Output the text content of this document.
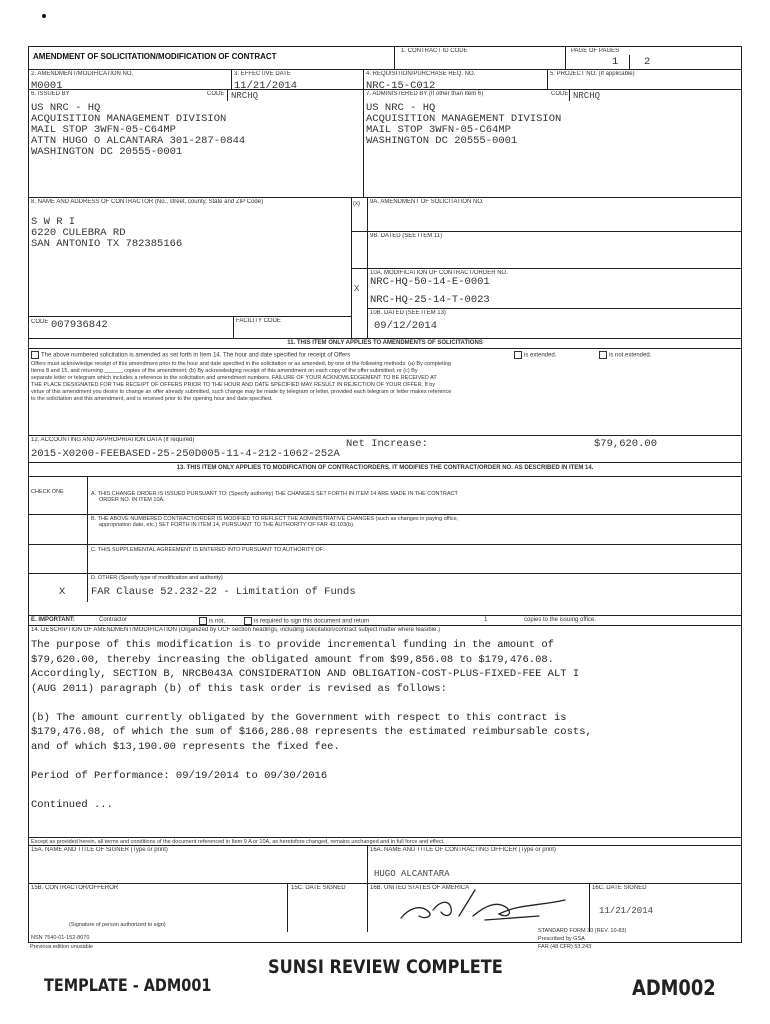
AMENDMENT OF SOLICITATION/MODIFICATION OF CONTRACT
1. CONTRACT ID CODE	PAGE OF PAGES
1 2
2. AMENDMENT/MODIFICATION NO.
M0001
3. EFFECTIVE DATE
11/21/2014
4. REQUISITION/PURCHASE REQ. NO.
NRC-15-C012
5. PROJECT NO. (If applicable)
6. ISSUED BY	CODE NRCHQ
US NRC - HQ
ACQUISITION MANAGEMENT DIVISION
MAIL STOP 3WFN-05-C64MP
ATTN HUGO O ALCANTARA 301-287-0844
WASHINGTON DC 20555-0001
7. ADMINISTERED BY (If other than Item 6)	CODE NRCHQ
US NRC - HQ
ACQUISITION MANAGEMENT DIVISION
MAIL STOP 3WFN-05-C64MP
WASHINGTON DC 20555-0001
8. NAME AND ADDRESS OF CONTRACTOR (No., street, county, State and ZIP Code)
S W R I
6220 CULEBRA RD
SAN ANTONIO TX 782385166
(x) 9A. AMENDMENT OF SOLICITATION NO.
9B. DATED (SEE ITEM 11)
X
10A. MODIFICATION OF CONTRACT/ORDER NO.
NRC-HQ-50-14-E-0001
NRC-HQ-25-14-T-0023
10B. DATED (SEE ITEM 13)
09/12/2014
CODE 007936842	FACILITY CODE
11. THIS ITEM ONLY APPLIES TO AMENDMENTS OF SOLICITATIONS
The above numbered solicitation is amended as set forth in Item 14. The hour and date specified for receipt of Offers	is extended.	is not extended.
Offers must acknowledge receipt of this amendment prior to the hour and date specified in the solicitation or as amended, by one of the following methods: (a) By completing
Items 8 and 15, and returning ______ copies of the amendment; (b) By acknowledging receipt of this amendment on each copy of the offer submitted; or (c) By
separate letter or telegram which includes a reference to the solicitation and amendment numbers. FAILURE OF YOUR ACKNOWLEDGEMENT TO BE RECEIVED AT
THE PLACE DESIGNATED FOR THE RECEIPT OF OFFERS PRIOR TO THE HOUR AND DATE SPECIFIED MAY RESULT IN REJECTION OF YOUR OFFER. If by
virtue of this amendment you desire to change an offer already submitted, such change may be made by telegram or letter, provided each telegram or letter makes reference
to the solicitation and this amendment, and is received prior to the opening hour and date specified.
12. ACCOUNTING AND APPROPRIATION DATA (If required)	Net Increase:	$79,620.00
2015-X0200-FEEBASED-25-250D005-11-4-212-1062-252A
13. THIS ITEM ONLY APPLIES TO MODIFICATION OF CONTRACT/ORDERS. IT MODIFIES THE CONTRACT/ORDER NO. AS DESCRIBED IN ITEM 14.
CHECK ONE	A. THIS CHANGE ORDER IS ISSUED PURSUANT TO: (Specify authority) THE CHANGES SET FORTH IN ITEM 14 ARE MADE IN THE CONTRACT
ORDER NO. IN ITEM 10A.
B. THE ABOVE NUMBERED CONTRACT/ORDER IS MODIFIED TO REFLECT THE ADMINISTRATIVE CHANGES (such as changes in paying office,
appropriation date, etc.) SET FORTH IN ITEM 14, PURSUANT TO THE AUTHORITY OF FAR 43.103(b).
C. THIS SUPPLEMENTAL AGREEMENT IS ENTERED INTO PURSUANT TO AUTHORITY OF:
D. OTHER (Specify type of modification and authority)
X FAR Clause 52.232-22 - Limitation of Funds
E. IMPORTANT:	Contractor	is not,	is required to sign this document and return	1	copies to the issuing office.
14. DESCRIPTION OF AMENDMENT/MODIFICATION (Organized by UCF section headings, including solicitation/contract subject matter where feasible.)
The purpose of this modification is to provide incremental funding in the amount of
$79,620.00, thereby increasing the obligated amount from $99,856.08 to $179,476.08.
Accordingly, SECTION B, NRCB043A CONSIDERATION AND OBLIGATION-COST-PLUS-FIXED-FEE ALT I
(AUG 2011) paragraph (b) of this task order is revised as follows:

(b) The amount currently obligated by the Government with respect to this contract is
$179,476.08, of which the sum of $166,286.08 represents the estimated reimbursable costs,
and of which $13,190.00 represents the fixed fee.

Period of Performance: 09/19/2014 to 09/30/2016

Continued ...
Except as provided herein, all terms and conditions of the document referenced in Item 9 A or 10A, as heretofore changed, remains unchanged and in full force and effect.
15A. NAME AND TITLE OF SIGNER (Type or print)	16A. NAME AND TITLE OF CONTRACTING OFFICER (Type or print)
HUGO ALCANTARA
15B. CONTRACTOR/OFFEROR	15C. DATE SIGNED	16B. UNITED STATES OF AMERICA	16C. DATE SIGNED
11/21/2014
(Signature of person authorized to sign)
NSN 7540-01-152-8070
Previous edition unusable
STANDARD FORM 30 (REV. 10-83)
Prescribed by GSA
FAR (48 CFR) 53.243
TEMPLATE - ADM001
SUNSI REVIEW COMPLETE
ADM002
